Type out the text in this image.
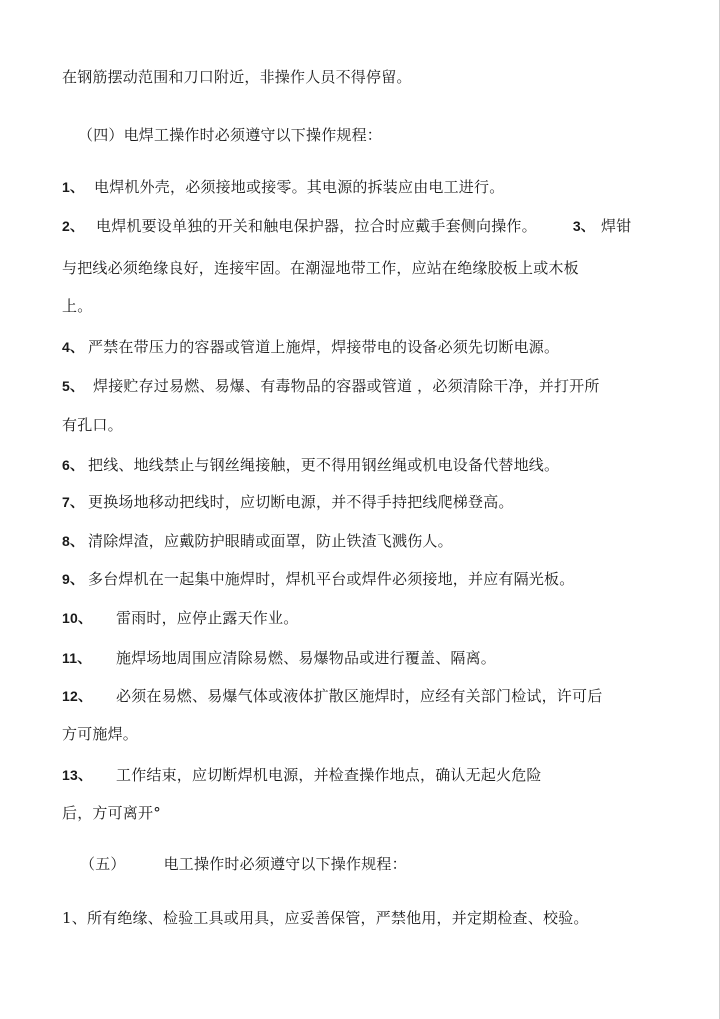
在钢筋摆动范围和刀口附近，非操作人员不得停留。
（四）电焊工操作时必须遵守以下操作规程：
1、 电焊机外壳，必须接地或接零。其电源的拆装应由电工进行。
2、 电焊机要设单独的开关和触电保护器，拉合时应戴手套侧向操作。	3、 焊钳
与把线必须绝缘良好，连接牢固。在潮湿地带工作，应站在绝缘胶板上或木板
上。
4、 严禁在带压力的容器或管道上施焊，焊接带电的设备必须先切断电源。
5、 焊接贮存过易燃、易爆、有毒物品的容器或管道 ，必须清除干净，并打开所
有孔口。
6、 把线、地线禁止与钢丝绳接触，更不得用钢丝绳或机电设备代替地线。
7、 更换场地移动把线时，应切断电源，并不得手持把线爬梯登高。
8、 清除焊渣，应戴防护眼睛或面罩，防止铁渣飞溅伤人。
9、 多台焊机在一起集中施焊时，焊机平台或焊件必须接地，并应有隔光板。
10、 雷雨时，应停止露天作业。
11、 施焊场地周围应清除易燃、易爆物品或进行覆盖、隔离。
12、 必须在易燃、易爆气体或液体扩散区施焊时，应经有关部门检试，许可后
方可施焊。
13、 工作结束，应切断焊机电源，并检查操作地点，确认无起火危险
后，方可离开°
（五）	电工操作时必须遵守以下操作规程：
1、所有绝缘、检验工具或用具，应妥善保管，严禁他用，并定期检查、校验。
